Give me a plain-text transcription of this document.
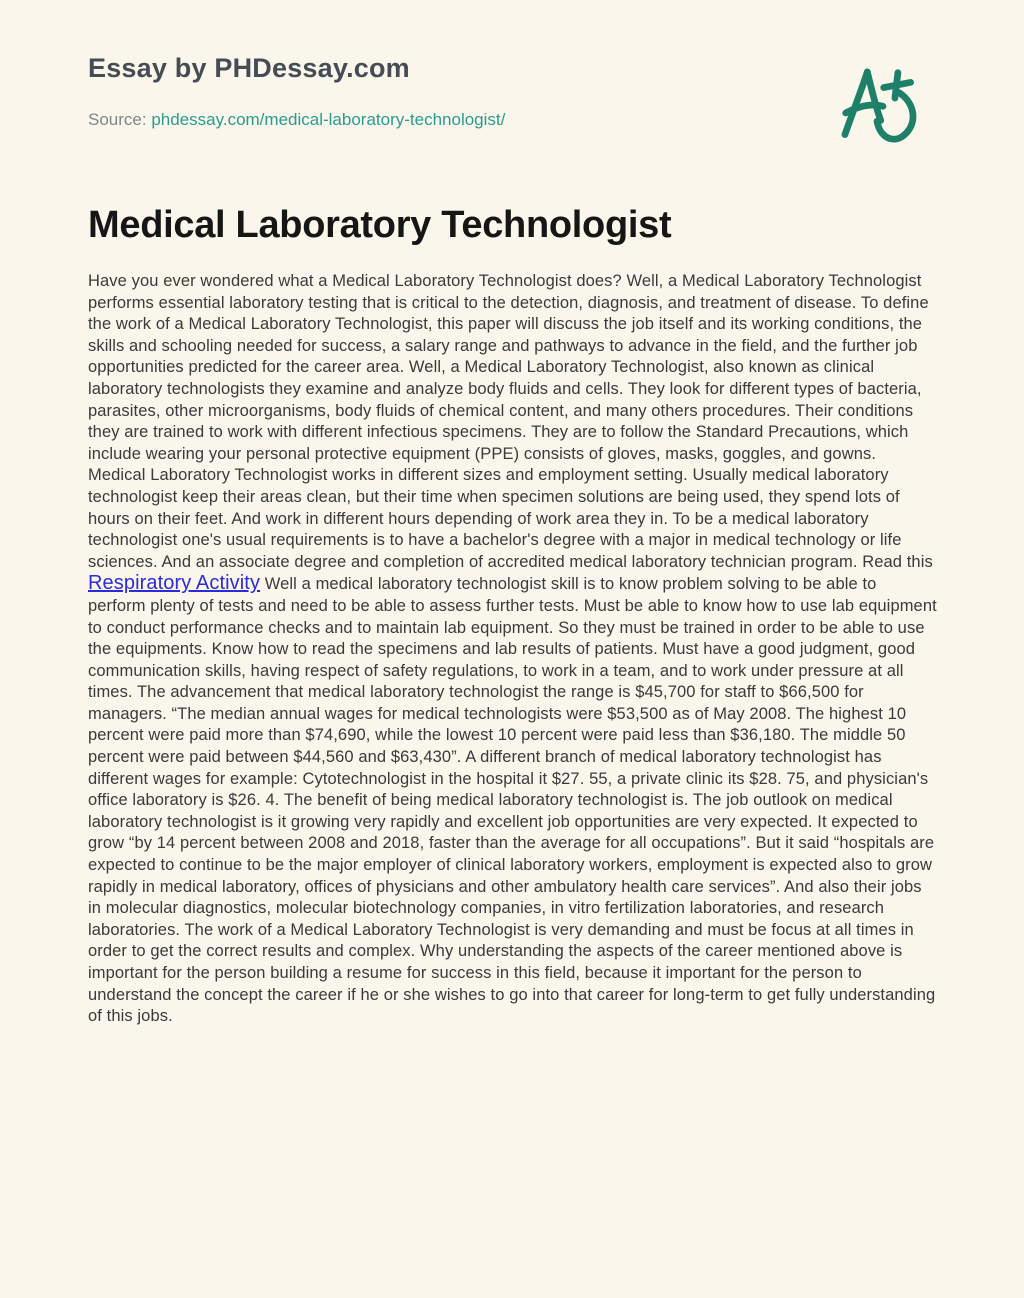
Essay by PHDessay.com
Source: phdessay.com/medical-laboratory-technologist/
Medical Laboratory Technologist

Have you ever wondered what a Medical Laboratory Technologist does? Well, a Medical Laboratory Technologist performs essential laboratory testing that is critical to the detection, diagnosis, and treatment of disease. To define the work of a Medical Laboratory Technologist, this paper will discuss the job itself and its working conditions, the skills and schooling needed for success, a salary range and pathways to advance in the field, and the further job opportunities predicted for the career area. Well, a Medical Laboratory Technologist, also known as clinical laboratory technologists they examine and analyze body fluids and cells. They look for different types of bacteria, parasites, other microorganisms, body fluids of chemical content, and many others procedures. Their conditions they are trained to work with different infectious specimens. They are to follow the Standard Precautions, which include wearing your personal protective equipment (PPE) consists of gloves, masks, goggles, and gowns. Medical Laboratory Technologist works in different sizes and employment setting. Usually medical laboratory technologist keep their areas clean, but their time when specimen solutions are being used, they spend lots of hours on their feet. And work in different hours depending of work area they in. To be a medical laboratory technologist one's usual requirements is to have a bachelor's degree with a major in medical technology or life sciences. And an associate degree and completion of accredited medical laboratory technician program. Read this Respiratory Activity Well a medical laboratory technologist skill is to know problem solving to be able to perform plenty of tests and need to be able to assess further tests. Must be able to know how to use lab equipment to conduct performance checks and to maintain lab equipment. So they must be trained in order to be able to use the equipments. Know how to read the specimens and lab results of patients. Must have a good judgment, good communication skills, having respect of safety regulations, to work in a team, and to work under pressure at all times. The advancement that medical laboratory technologist the range is $45,700 for staff to $66,500 for managers. “The median annual wages for medical technologists were $53,500 as of May 2008. The highest 10 percent were paid more than $74,690, while the lowest 10 percent were paid less than $36,180. The middle 50 percent were paid between $44,560 and $63,430”. A different branch of medical laboratory technologist has different wages for example: Cytotechnologist in the hospital it $27. 55, a private clinic its $28. 75, and physician's office laboratory is $26. 4. The benefit of being medical laboratory technologist is. The job outlook on medical laboratory technologist is it growing very rapidly and excellent job opportunities are very expected. It expected to grow “by 14 percent between 2008 and 2018, faster than the average for all occupations”. But it said “hospitals are expected to continue to be the major employer of clinical laboratory workers, employment is expected also to grow rapidly in medical laboratory, offices of physicians and other ambulatory health care services”. And also their jobs in molecular diagnostics, molecular biotechnology companies, in vitro fertilization laboratories, and research laboratories. The work of a Medical Laboratory Technologist is very demanding and must be focus at all times in order to get the correct results and complex. Why understanding the aspects of the career mentioned above is important for the person building a resume for success in this field, because it important for the person to understand the concept the career if he or she wishes to go into that career for long-term to get fully understanding of this jobs.
